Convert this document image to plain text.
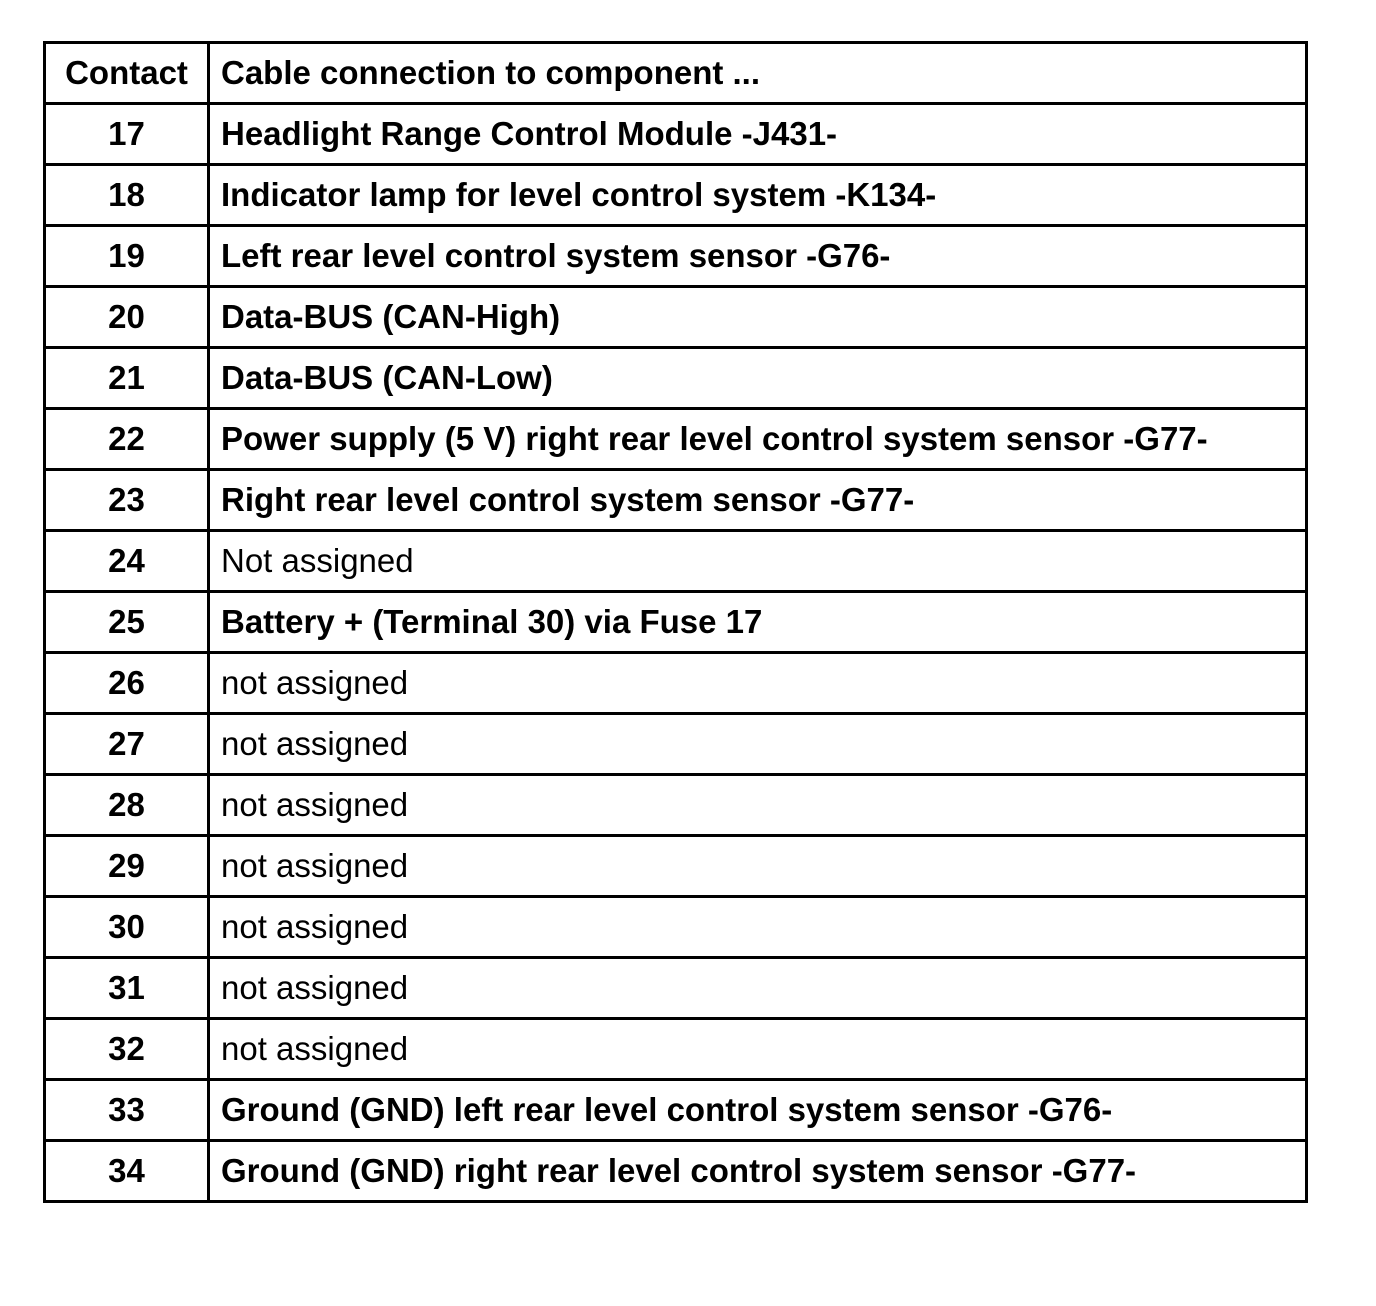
Contact	Cable connection to component ...
17	Headlight Range Control Module -J431-
18	Indicator lamp for level control system -K134-
19	Left rear level control system sensor -G76-
20	Data-BUS (CAN-High)
21	Data-BUS (CAN-Low)
22	Power supply (5 V) right rear level control system sensor -G77-
23	Right rear level control system sensor -G77-
24	Not assigned
25	Battery + (Terminal 30) via Fuse 17
26	not assigned
27	not assigned
28	not assigned
29	not assigned
30	not assigned
31	not assigned
32	not assigned
33	Ground (GND) left rear level control system sensor -G76-
34	Ground (GND) right rear level control system sensor -G77-
